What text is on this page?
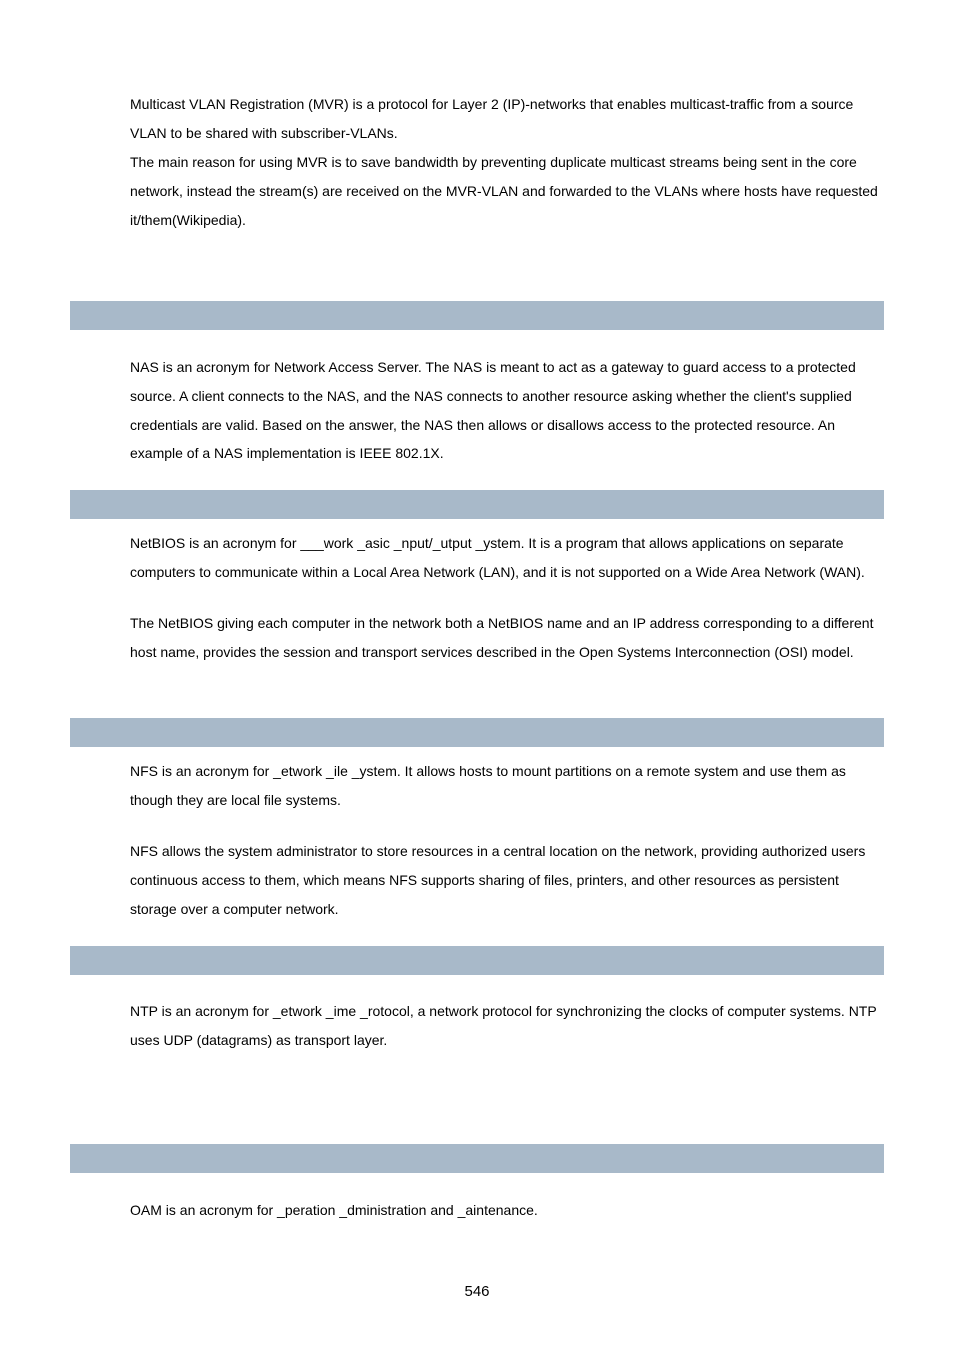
Multicast VLAN Registration (MVR) is a protocol for Layer 2 (IP)-networks that enables multicast-traffic from a source VLAN to be shared with subscriber-VLANs.

The main reason for using MVR is to save bandwidth by preventing duplicate multicast streams being sent in the core network, instead the stream(s) are received on the MVR-VLAN and forwarded to the VLANs where hosts have requested it/them(Wikipedia).

NAS is an acronym for Network Access Server. The NAS is meant to act as a gateway to guard access to a protected source. A client connects to the NAS, and the NAS connects to another resource asking whether the client's supplied credentials are valid. Based on the answer, the NAS then allows or disallows access to the protected resource. An example of a NAS implementation is IEEE 802.1X.

NetBIOS is an acronym for ___work _asic _nput/_utput _ystem. It is a program that allows applications on separate computers to communicate within a Local Area Network (LAN), and it is not supported on a Wide Area Network (WAN).

The NetBIOS giving each computer in the network both a NetBIOS name and an IP address corresponding to a different host name, provides the session and transport services described in the Open Systems Interconnection (OSI) model.

NFS is an acronym for _etwork _ile _ystem. It allows hosts to mount partitions on a remote system and use them as though they are local file systems.

NFS allows the system administrator to store resources in a central location on the network, providing authorized users continuous access to them, which means NFS supports sharing of files, printers, and other resources as persistent storage over a computer network.

NTP is an acronym for _etwork _ime _rotocol, a network protocol for synchronizing the clocks of computer systems. NTP uses UDP (datagrams) as transport layer.

OAM is an acronym for _peration _dministration and _aintenance.

546
